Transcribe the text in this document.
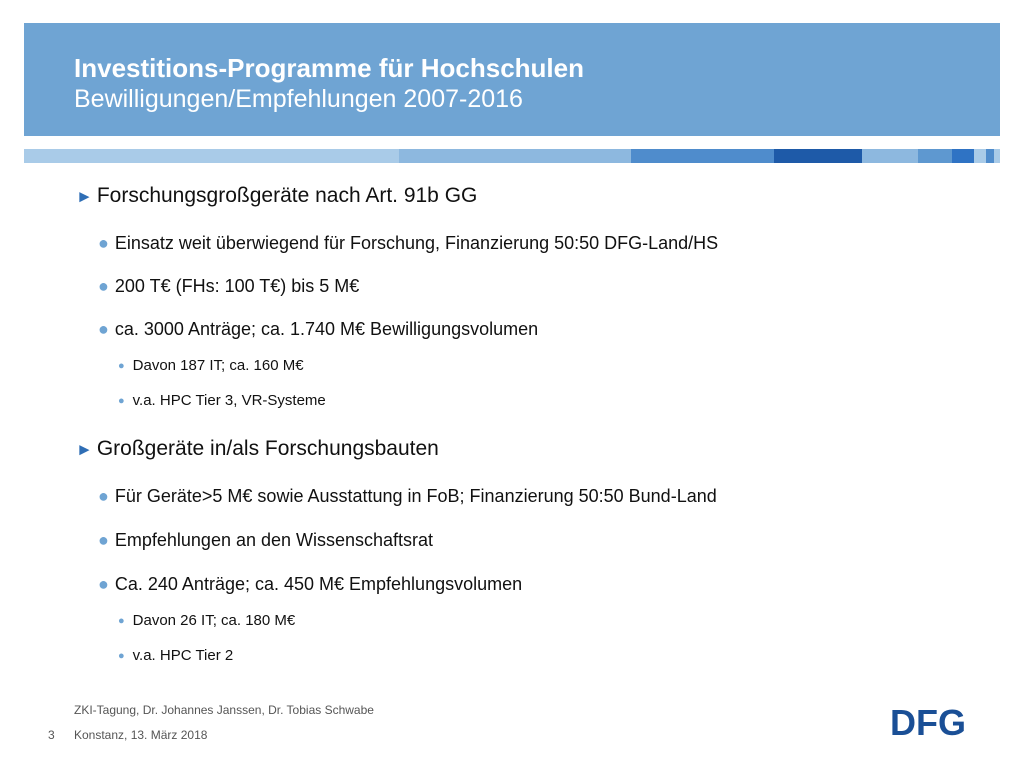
Investitions-Programme für Hochschulen
Bewilligungen/Empfehlungen 2007-2016
► Forschungsgroßgeräte nach Art. 91b GG
● Einsatz weit überwiegend für Forschung, Finanzierung 50:50 DFG-Land/HS
● 200 T€ (FHs: 100 T€) bis 5 M€
● ca. 3000 Anträge; ca. 1.740 M€ Bewilligungsvolumen
● Davon 187 IT; ca. 160 M€
● v.a. HPC Tier 3, VR-Systeme
► Großgeräte in/als Forschungsbauten
● Für Geräte>5 M€ sowie Ausstattung in FoB; Finanzierung 50:50 Bund-Land
● Empfehlungen an den Wissenschaftsrat
● Ca. 240 Anträge; ca. 450 M€ Empfehlungsvolumen
● Davon 26 IT; ca. 180 M€
● v.a. HPC Tier 2
ZKI-Tagung, Dr. Johannes Janssen, Dr. Tobias Schwabe
3 Konstanz, 13. März 2018	DFG
